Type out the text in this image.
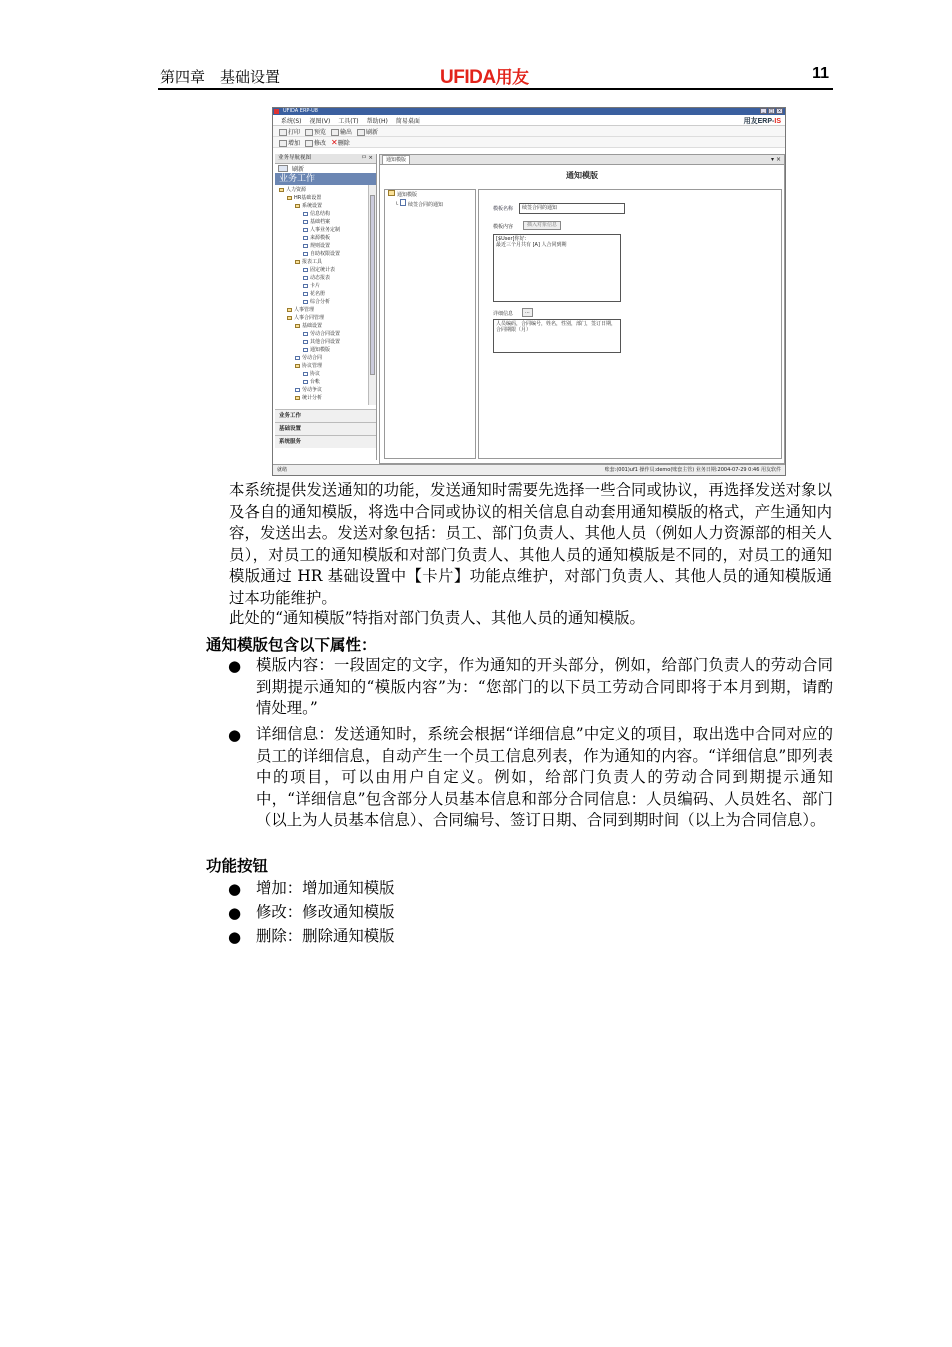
第四章　基础设置	UFIDA用友	11
UFIDA ERP-U8	_	□	×
系统(S) 视图(V) 工具(T) 帮助(H) 简易桌面	用友ERP-IS
打印	预览	输出	刷新
增加	修改 ✕删除
业务导航视图	ㅁ ×
刷新
业务工作
人力资源
HR基础设置
系统设置
信息结构
基础档案
人事业务定制
来源模板
规则设置
自助权限设置
报表工具
固定统计表
动态报表
卡片
花名册
综合分析
人事管理
人事合同管理
基础设置
劳动合同设置
其他合同设置
通知模版
劳动合同
协议管理
协议
台帐
劳动争议
统计分析
业务工作
基础设置
系统服务
通知模版	▾ ×
通知模版
通知模版
└ 续签合同的通知
模板名称	续签合同的通知
模板内容	插入对象信息
[$User]你好：
最近三个月共有 [A] 人合同到期
详细信息	...
人员编码，合同编号，姓名，性别，部门，签订日期，合同期限（月）
就绪	账套:(001)uf1 操作员:demo(账套主管) 业务日期:2004-07-29 0:46 用友软件
本系统提供发送通知的功能，发送通知时需要先选择一些合同或协议，再选择发送对象以及各自的通知模版，将选中合同或协议的相关信息自动套用通知模版的格式，产生通知内容，发送出去。发送对象包括：员工、部门负责人、其他人员（例如人力资源部的相关人员），对员工的通知模版和对部门负责人、其他人员的通知模版是不同的，对员工的通知模版通过 HR 基础设置中【卡片】功能点维护，对部门负责人、其他人员的通知模版通过本功能维护。
此处的“通知模版”特指对部门负责人、其他人员的通知模版。
通知模版包含以下属性：
● 模版内容：一段固定的文字，作为通知的开头部分，例如，给部门负责人的劳动合同到期提示通知的“模版内容”为：“您部门的以下员工劳动合同即将于本月到期，请酌情处理。”
● 详细信息：发送通知时，系统会根据“详细信息”中定义的项目，取出选中合同对应的员工的详细信息，自动产生一个员工信息列表，作为通知的内容。“详细信息”即列表中的项目，可以由用户自定义。例如，给部门负责人的劳动合同到期提示通知中，“详细信息”包含部分人员基本信息和部分合同信息：人员编码、人员姓名、部门（以上为人员基本信息）、合同编号、签订日期、合同到期时间（以上为合同信息）。
功能按钮
● 增加：增加通知模版
● 修改：修改通知模版
● 删除：删除通知模版
